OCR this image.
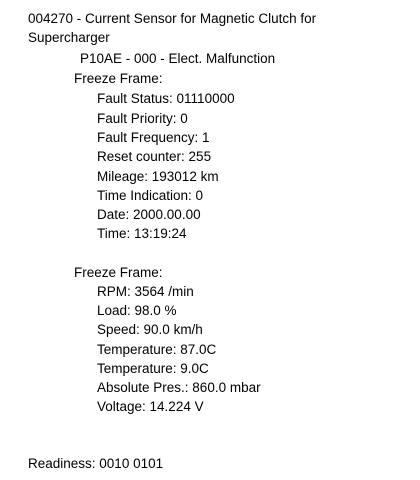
004270 - Current Sensor for Magnetic Clutch for
Supercharger
P10AE - 000 - Elect. Malfunction
Freeze Frame:
Fault Status: 01110000
Fault Priority: 0
Fault Frequency: 1
Reset counter: 255
Mileage: 193012 km
Time Indication: 0
Date: 2000.00.00
Time: 13:19:24
Freeze Frame:
RPM: 3564 /min
Load: 98.0 %
Speed: 90.0 km/h
Temperature: 87.0C
Temperature: 9.0C
Absolute Pres.: 860.0 mbar
Voltage: 14.224 V
Readiness: 0010 0101
